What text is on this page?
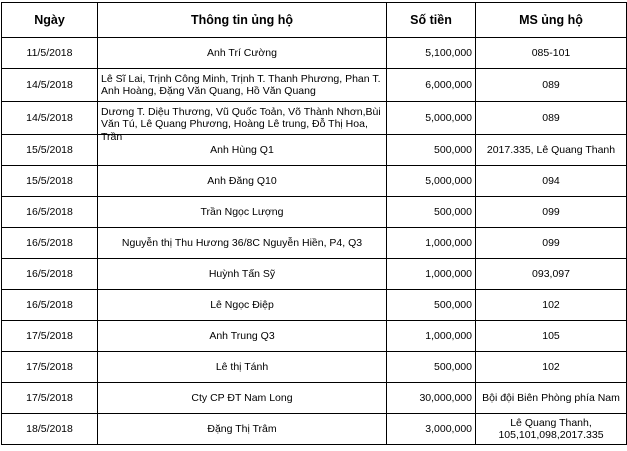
Ngày	Thông tin ủng hộ	Số tiền	MS ủng hộ
11/5/2018	Anh Trí Cường	5,100,000	085-101
14/5/2018	Lê Sĩ Lai, Trịnh Công Minh, Trịnh T. Thanh Phương, Phan T. Anh Hoàng, Đặng Văn Quang, Hồ Văn Quang	6,000,000	089
14/5/2018	Dương T. Diệu Thương, Vũ Quốc Toản, Võ Thành Nhơn,Bùi Văn Tú, Lê Quang Phương, Hoàng Lê trung, Đỗ Thị Hoa, Trần	5,000,000	089
15/5/2018	Anh Hùng Q1	500,000	2017.335, Lê Quang Thanh
15/5/2018	Anh Đăng Q10	5,000,000	094
16/5/2018	Trần Ngọc Lượng	500,000	099
16/5/2018	Nguyễn thị Thu Hương 36/8C Nguyễn Hiền, P4, Q3	1,000,000	099
16/5/2018	Huỳnh Tấn Sỹ	1,000,000	093,097
16/5/2018	Lê Ngọc Điệp	500,000	102
17/5/2018	Anh Trung Q3	1,000,000	105
17/5/2018	Lê thị Tánh	500,000	102
17/5/2018	Cty CP ĐT Nam Long	30,000,000	Bội đội Biên Phòng phía Nam
18/5/2018	Đặng Thị Trâm	3,000,000	Lê Quang Thanh, 105,101,098,2017.335
